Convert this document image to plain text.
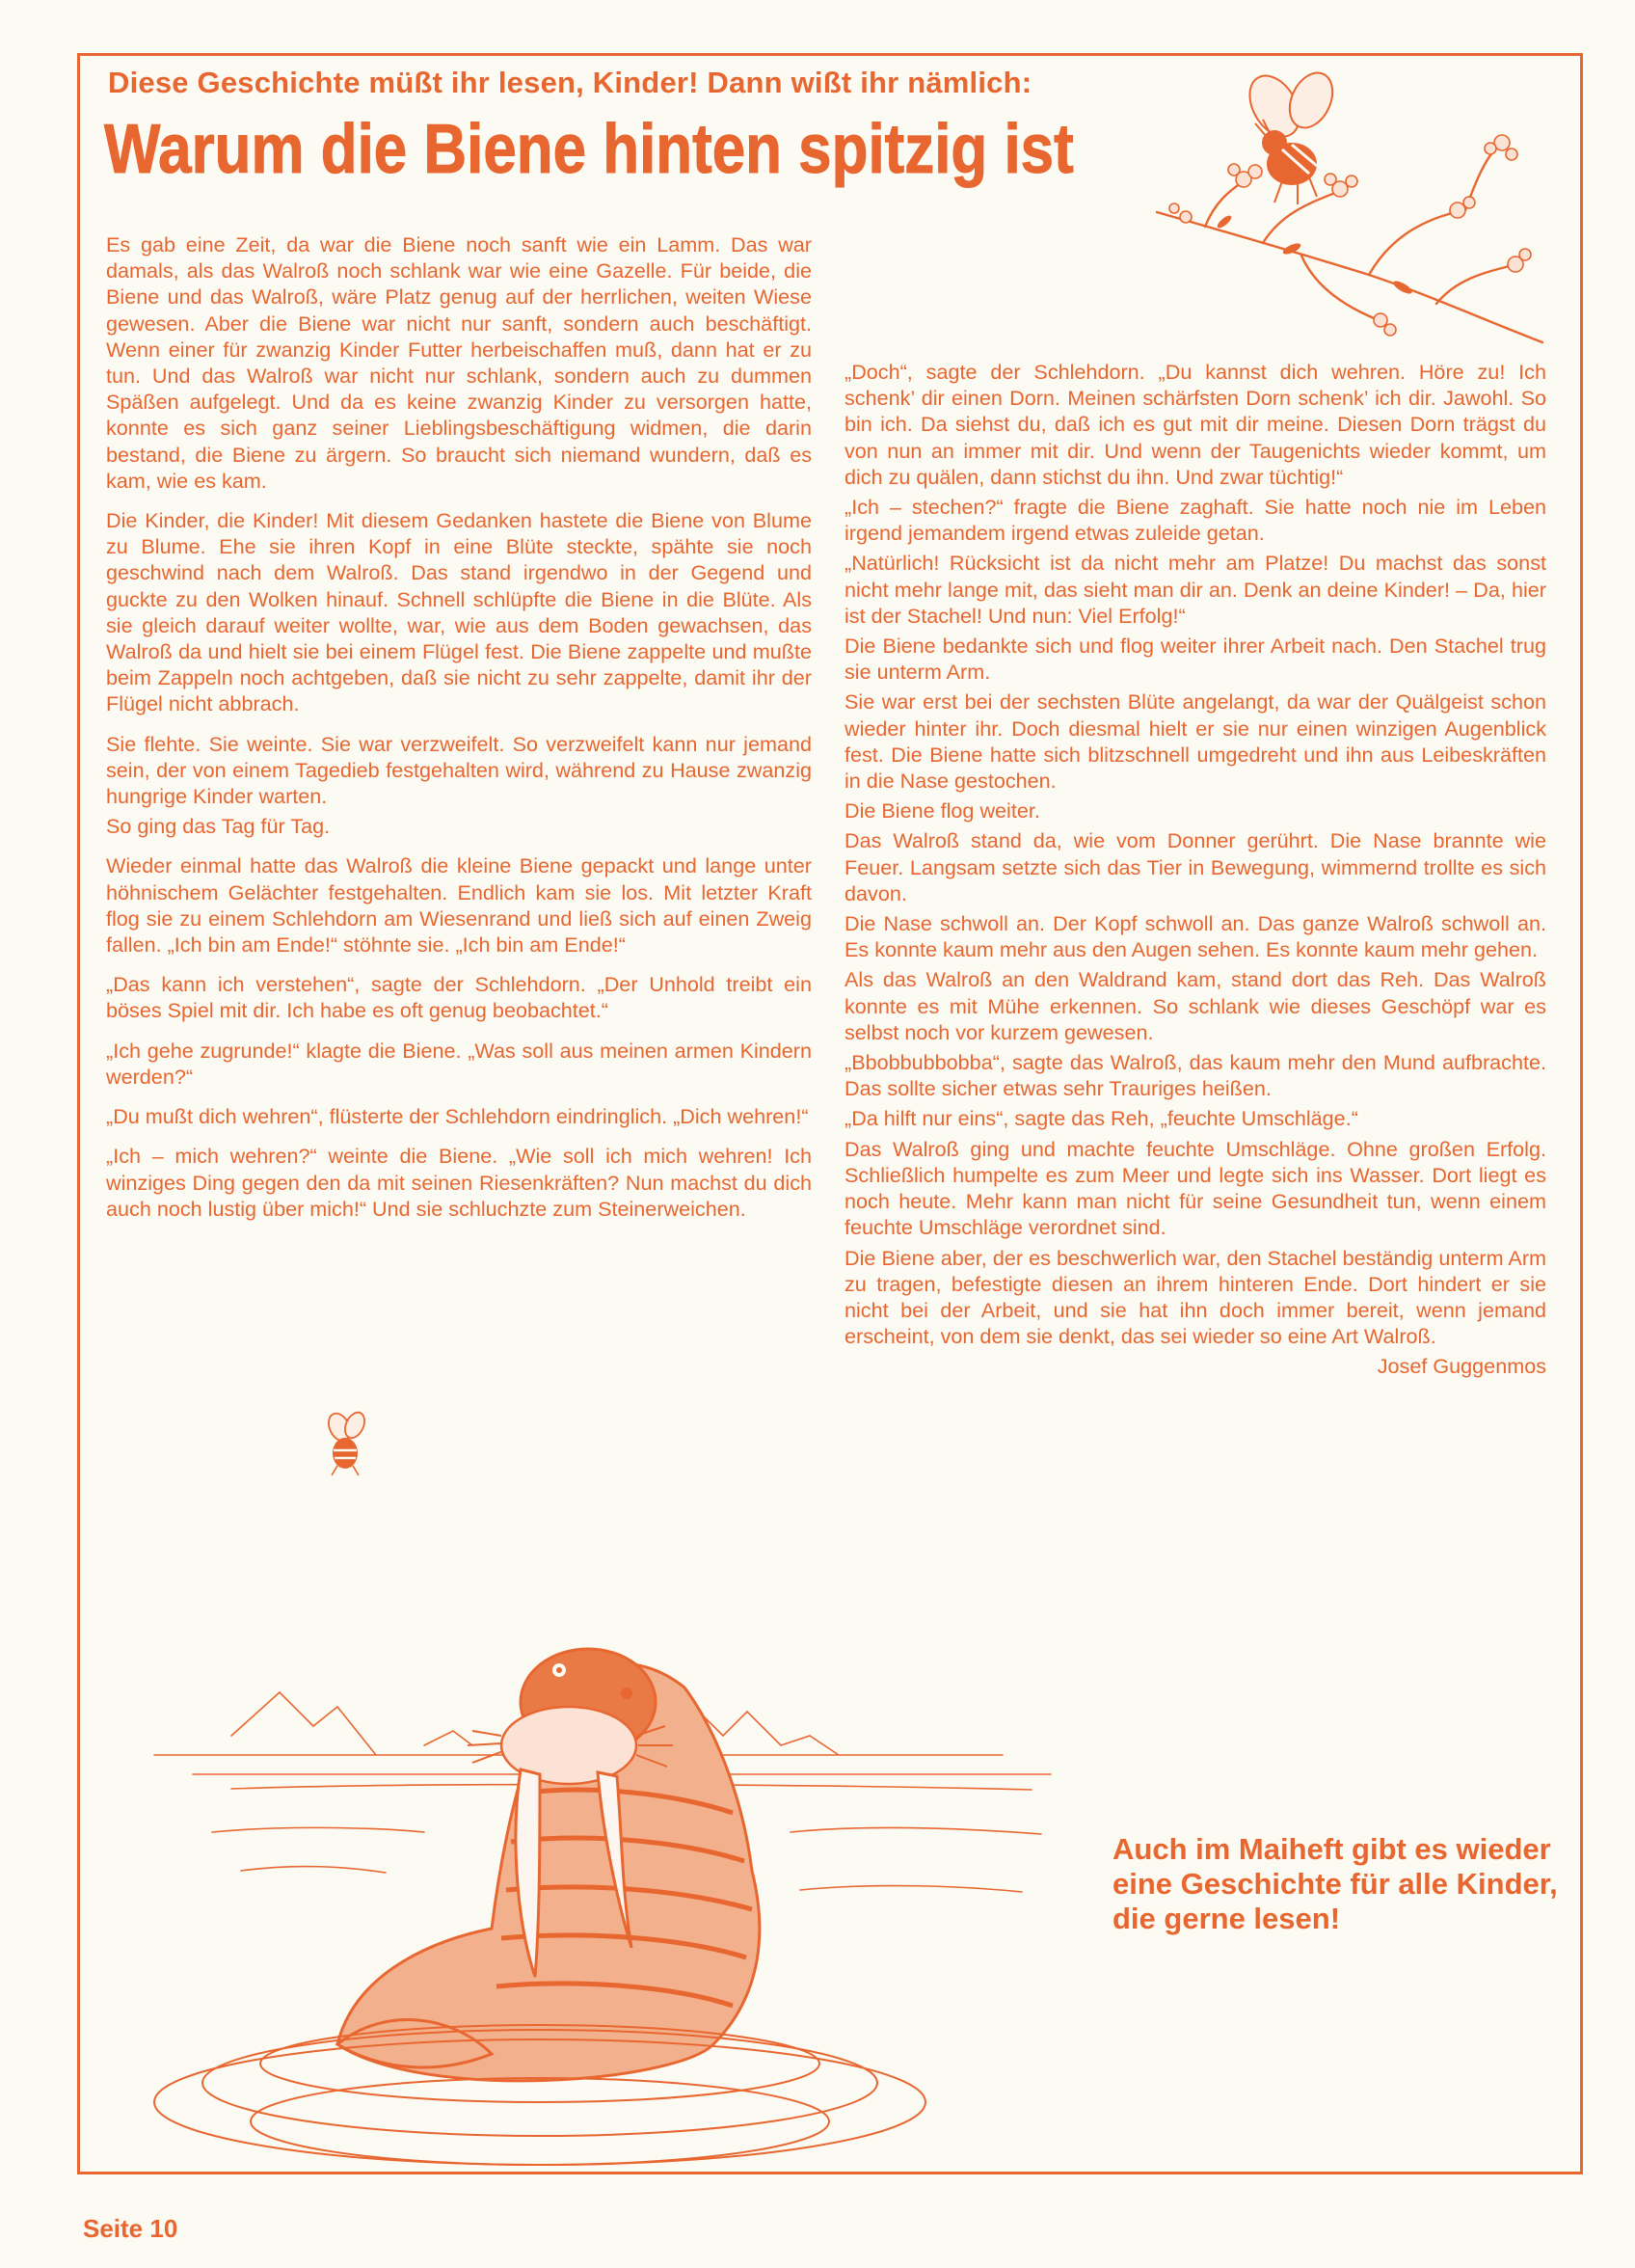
Diese Geschichte müßt ihr lesen, Kinder! Dann wißt ihr nämlich:
Warum die Biene hinten spitzig ist

Es gab eine Zeit, da war die Biene noch sanft wie ein Lamm. Das war damals, als das Walroß noch schlank war wie eine Gazelle. Für beide, die Biene und das Walroß, wäre Platz genug auf der herrlichen, weiten Wiese gewesen. Aber die Biene war nicht nur sanft, sondern auch beschäftigt. Wenn einer für zwanzig Kinder Futter herbeischaffen muß, dann hat er zu tun. Und das Walroß war nicht nur schlank, sondern auch zu dummen Späßen aufgelegt. Und da es keine zwanzig Kinder zu versorgen hatte, konnte es sich ganz seiner Lieblingsbeschäftigung widmen, die darin bestand, die Biene zu ärgern. So braucht sich niemand wundern, daß es kam, wie es kam.

Die Kinder, die Kinder! Mit diesem Gedanken hastete die Biene von Blume zu Blume. Ehe sie ihren Kopf in eine Blüte steckte, spähte sie noch geschwind nach dem Walroß. Das stand irgendwo in der Gegend und guckte zu den Wolken hinauf. Schnell schlüpfte die Biene in die Blüte. Als sie gleich darauf weiter wollte, war, wie aus dem Boden gewachsen, das Walroß da und hielt sie bei einem Flügel fest. Die Biene zappelte und mußte beim Zappeln noch achtgeben, daß sie nicht zu sehr zappelte, damit ihr der Flügel nicht abbrach.

Sie flehte. Sie weinte. Sie war verzweifelt. So verzweifelt kann nur jemand sein, der von einem Tagedieb festgehalten wird, während zu Hause zwanzig hungrige Kinder warten.

So ging das Tag für Tag.

Wieder einmal hatte das Walroß die kleine Biene gepackt und lange unter höhnischem Gelächter festgehalten. Endlich kam sie los. Mit letzter Kraft flog sie zu einem Schlehdorn am Wiesenrand und ließ sich auf einen Zweig fallen. „Ich bin am Ende!“ stöhnte sie. „Ich bin am Ende!“

„Das kann ich verstehen“, sagte der Schlehdorn. „Der Unhold treibt ein böses Spiel mit dir. Ich habe es oft genug beobachtet.“

„Ich gehe zugrunde!“ klagte die Biene. „Was soll aus meinen armen Kindern werden?“

„Du mußt dich wehren“, flüsterte der Schlehdorn eindringlich. „Dich wehren!“

„Ich – mich wehren?“ weinte die Biene. „Wie soll ich mich wehren! Ich winziges Ding gegen den da mit seinen Riesenkräften? Nun machst du dich auch noch lustig über mich!“ Und sie schluchzte zum Steinerweichen.

„Doch“, sagte der Schlehdorn. „Du kannst dich wehren. Höre zu! Ich schenk’ dir einen Dorn. Meinen schärfsten Dorn schenk’ ich dir. Jawohl. So bin ich. Da siehst du, daß ich es gut mit dir meine. Diesen Dorn trägst du von nun an immer mit dir. Und wenn der Taugenichts wieder kommt, um dich zu quälen, dann stichst du ihn. Und zwar tüchtig!“

„Ich – stechen?“ fragte die Biene zaghaft. Sie hatte noch nie im Leben irgend jemandem irgend etwas zuleide getan.

„Natürlich! Rücksicht ist da nicht mehr am Platze! Du machst das sonst nicht mehr lange mit, das sieht man dir an. Denk an deine Kinder! – Da, hier ist der Stachel! Und nun: Viel Erfolg!“

Die Biene bedankte sich und flog weiter ihrer Arbeit nach. Den Stachel trug sie unterm Arm.

Sie war erst bei der sechsten Blüte angelangt, da war der Quälgeist schon wieder hinter ihr. Doch diesmal hielt er sie nur einen winzigen Augenblick fest. Die Biene hatte sich blitzschnell umgedreht und ihn aus Leibeskräften in die Nase gestochen.

Die Biene flog weiter.

Das Walroß stand da, wie vom Donner gerührt. Die Nase brannte wie Feuer. Langsam setzte sich das Tier in Bewegung, wimmernd trollte es sich davon.

Die Nase schwoll an. Der Kopf schwoll an. Das ganze Walroß schwoll an. Es konnte kaum mehr aus den Augen sehen. Es konnte kaum mehr gehen.

Als das Walroß an den Waldrand kam, stand dort das Reh. Das Walroß konnte es mit Mühe erkennen. So schlank wie dieses Geschöpf war es selbst noch vor kurzem gewesen.

„Bbobbubbobba“, sagte das Walroß, das kaum mehr den Mund aufbrachte. Das sollte sicher etwas sehr Trauriges heißen.

„Da hilft nur eins“, sagte das Reh, „feuchte Umschläge.“

Das Walroß ging und machte feuchte Umschläge. Ohne großen Erfolg. Schließlich humpelte es zum Meer und legte sich ins Wasser. Dort liegt es noch heute. Mehr kann man nicht für seine Gesundheit tun, wenn einem feuchte Umschläge verordnet sind.

Die Biene aber, der es beschwerlich war, den Stachel beständig unterm Arm zu tragen, befestigte diesen an ihrem hinteren Ende. Dort hindert er sie nicht bei der Arbeit, und sie hat ihn doch immer bereit, wenn jemand erscheint, von dem sie denkt, das sei wieder so eine Art Walroß.

Josef Guggenmos

Auch im Maiheft gibt es wieder eine Geschichte für alle Kinder, die gerne lesen!
Seite 10
